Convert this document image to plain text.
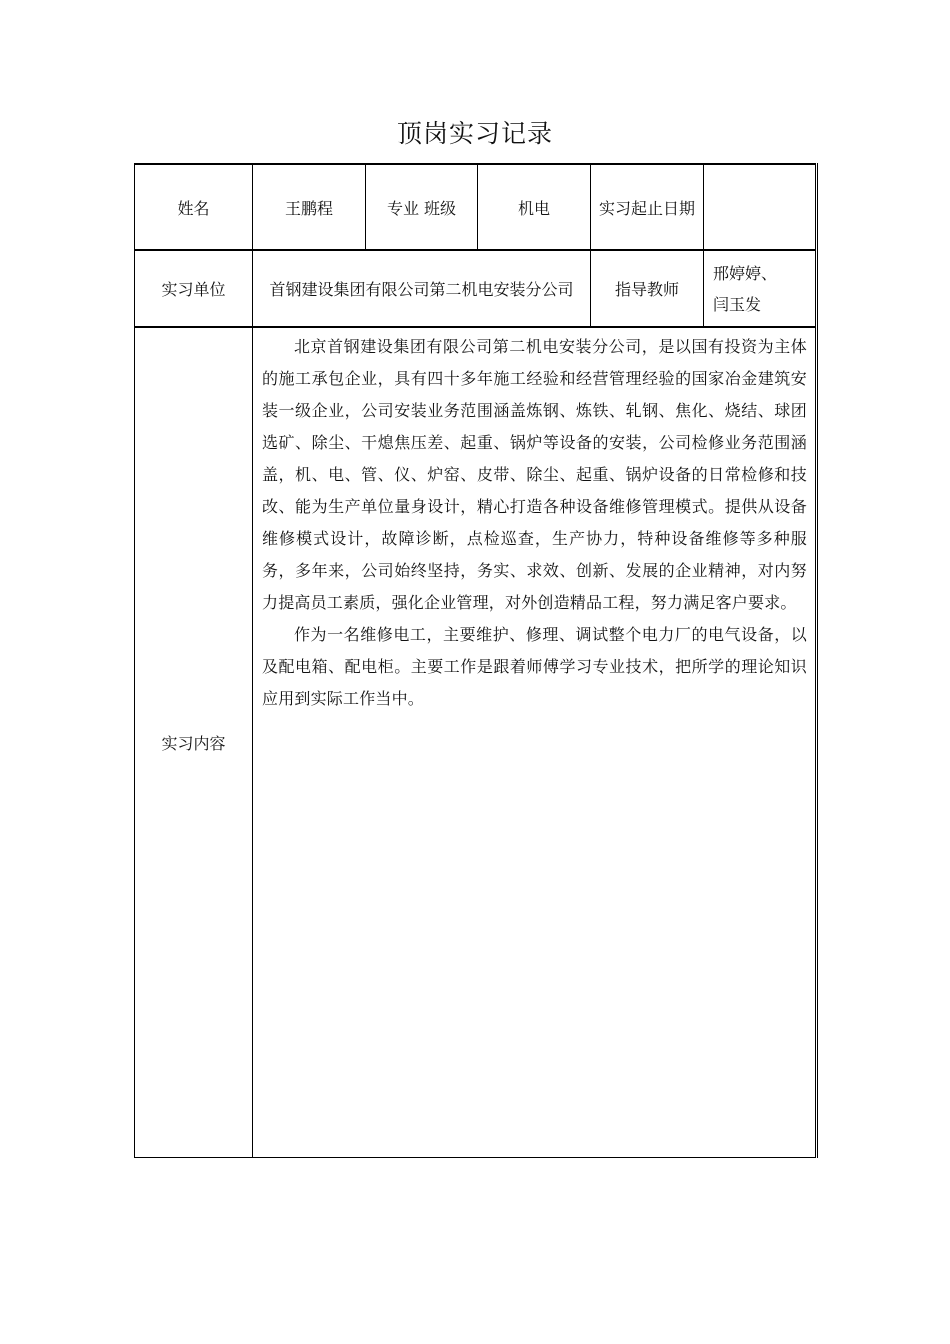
顶岗实习记录
姓名	王鹏程	专业 班级	机电	实习起止日期	
实习单位	首钢建设集团有限公司第二机电安装分公司			指导教师	邢婷婷、
闫玉发

实习内容	北京首钢建设集团有限公司第二机电安装分公司，是以国有投资为主体的施工承包企业，具有四十多年施工经验和经营管理经验的国家冶金建筑安装一级企业，公司安装业务范围涵盖炼钢、炼铁、轧钢、焦化、烧结、球团选矿、除尘、干熄焦压差、起重、锅炉等设备的安装，公司检修业务范围涵盖，机、电、管、仪、炉窑、皮带、除尘、起重、锅炉设备的日常检修和技改、能为生产单位量身设计，精心打造各种设备维修管理模式。提供从设备维修模式设计，故障诊断，点检巡查，生产协力，特种设备维修等多种服务，多年来，公司始终坚持，务实、求效、创新、发展的企业精神，对内努力提高员工素质，强化企业管理，对外创造精品工程，努力满足客户要求。

作为一名维修电工，主要维护、修理、调试整个电力厂的电气设备，以及配电箱、配电柜。主要工作是跟着师傅学习专业技术，把所学的理论知识应用到实际工作当中。				
